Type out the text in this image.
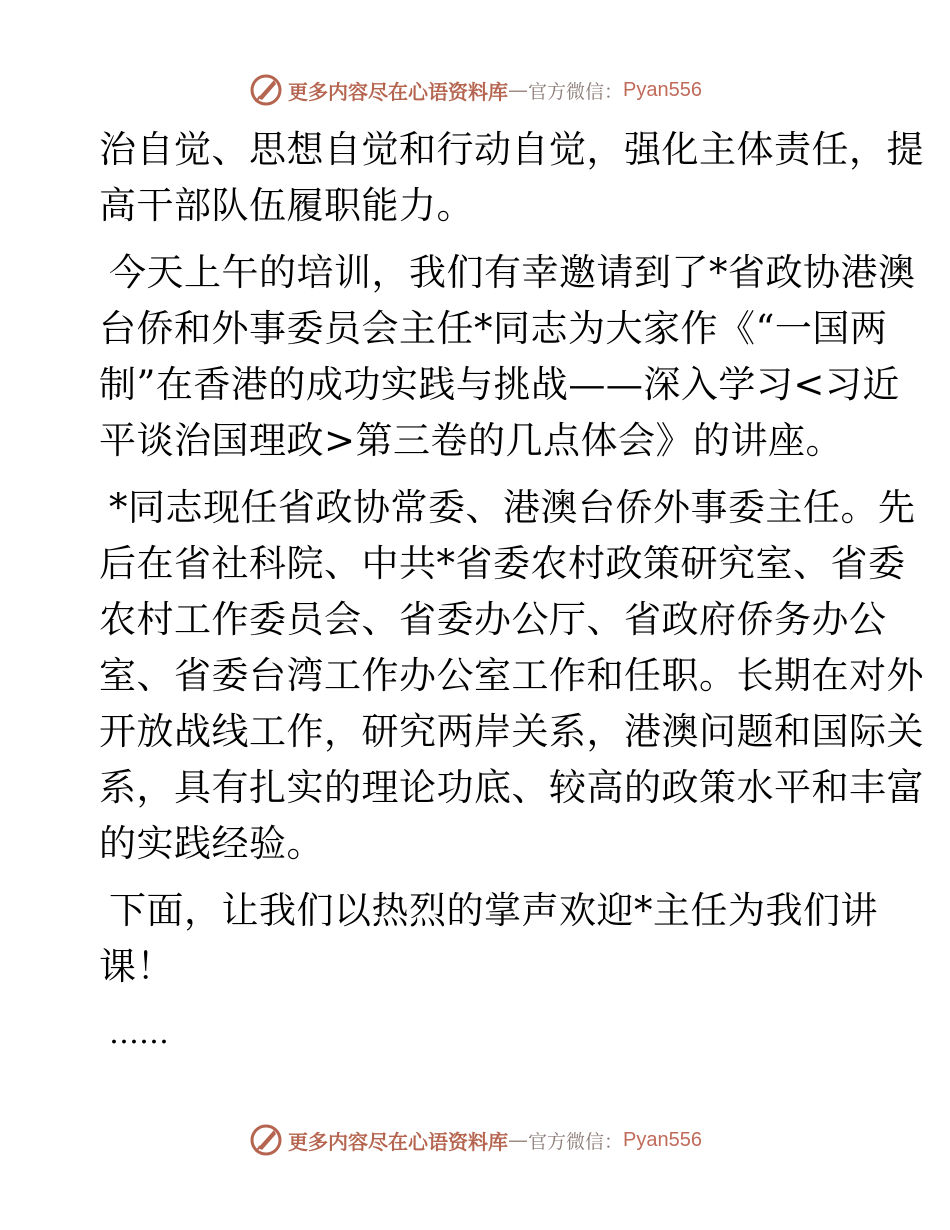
更多内容尽在心语资料库 — 官方微信： Pyan556
治自觉、思想自觉和行动自觉，强化主体责任，提
高干部队伍履职能力。
今天上午的培训，我们有幸邀请到了*省政协港澳
台侨和外事委员会主任*同志为大家作《“一国两
制”在香港的成功实践与挑战——深入学习<习近
平谈治国理政>第三卷的几点体会》的讲座。
*同志现任省政协常委、港澳台侨外事委主任。先
后在省社科院、中共*省委农村政策研究室、省委
农村工作委员会、省委办公厅、省政府侨务办公
室、省委台湾工作办公室工作和任职。长期在对外
开放战线工作，研究两岸关系，港澳问题和国际关
系，具有扎实的理论功底、较高的政策水平和丰富
的实践经验。
下面，让我们以热烈的掌声欢迎*主任为我们讲
课！
……
更多内容尽在心语资料库 — 官方微信： Pyan556
